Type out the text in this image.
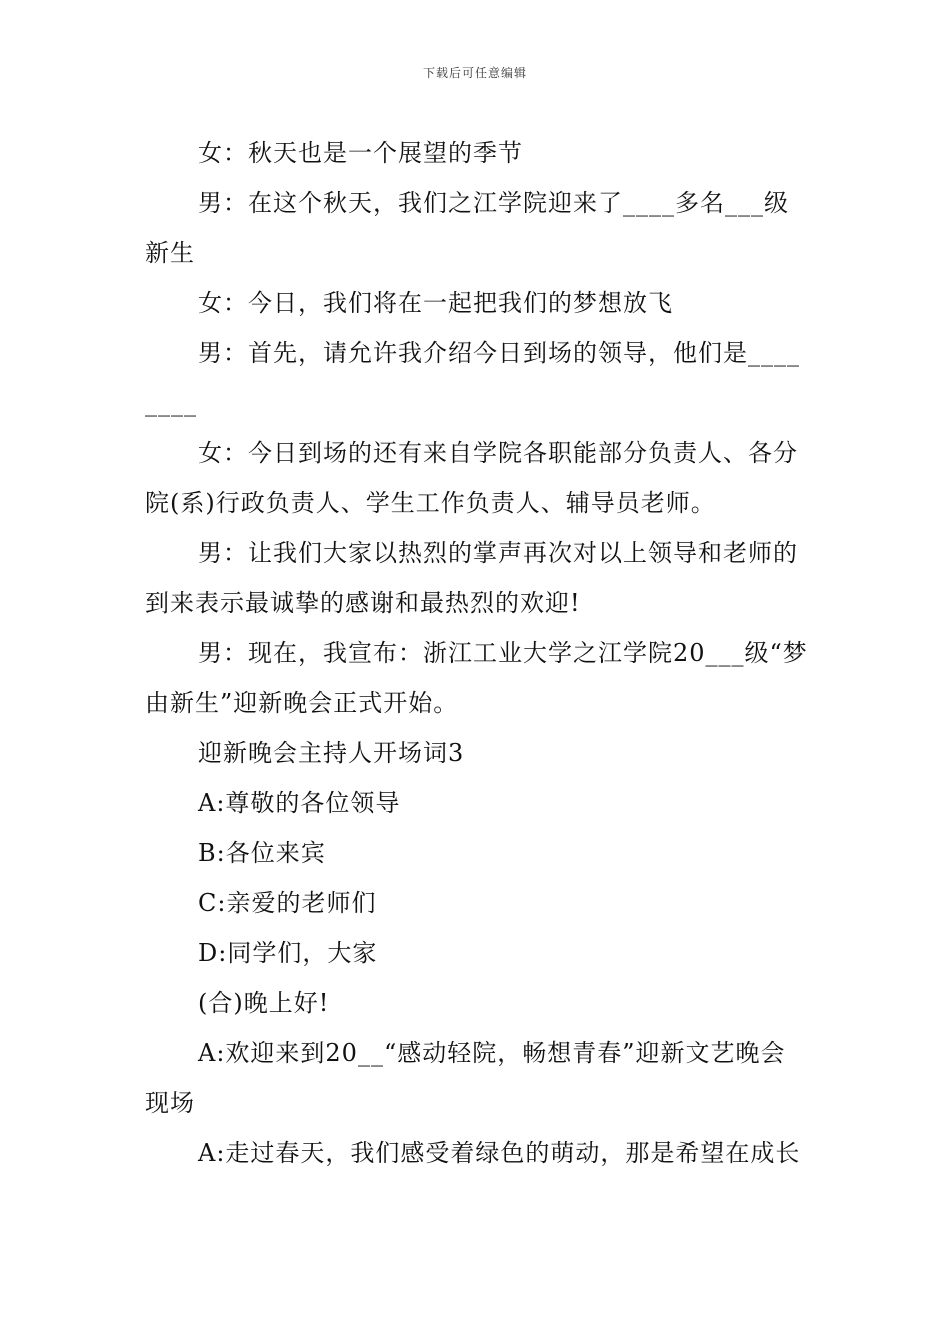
下载后可任意编辑

女：秋天也是一个展望的季节

男：在这个秋天，我们之江学院迎来了____多名___级新生

女：今日，我们将在一起把我们的梦想放飞

男：首先，请允许我介绍今日到场的领导，他们是________

女：今日到场的还有来自学院各职能部分负责人、各分院(系)行政负责人、学生工作负责人、辅导员老师。

男：让我们大家以热烈的掌声再次对以上领导和老师的到来表示最诚挚的感谢和最热烈的欢迎!

男：现在，我宣布：浙江工业大学之江学院20___级“梦由新生”迎新晚会正式开始。

迎新晚会主持人开场词3

A:尊敬的各位领导

B:各位来宾

C:亲爱的老师们

D:同学们，大家

(合)晚上好!

A:欢迎来到20__“感动轻院，畅想青春”迎新文艺晚会现场

A:走过春天，我们感受着绿色的萌动，那是希望在成长
